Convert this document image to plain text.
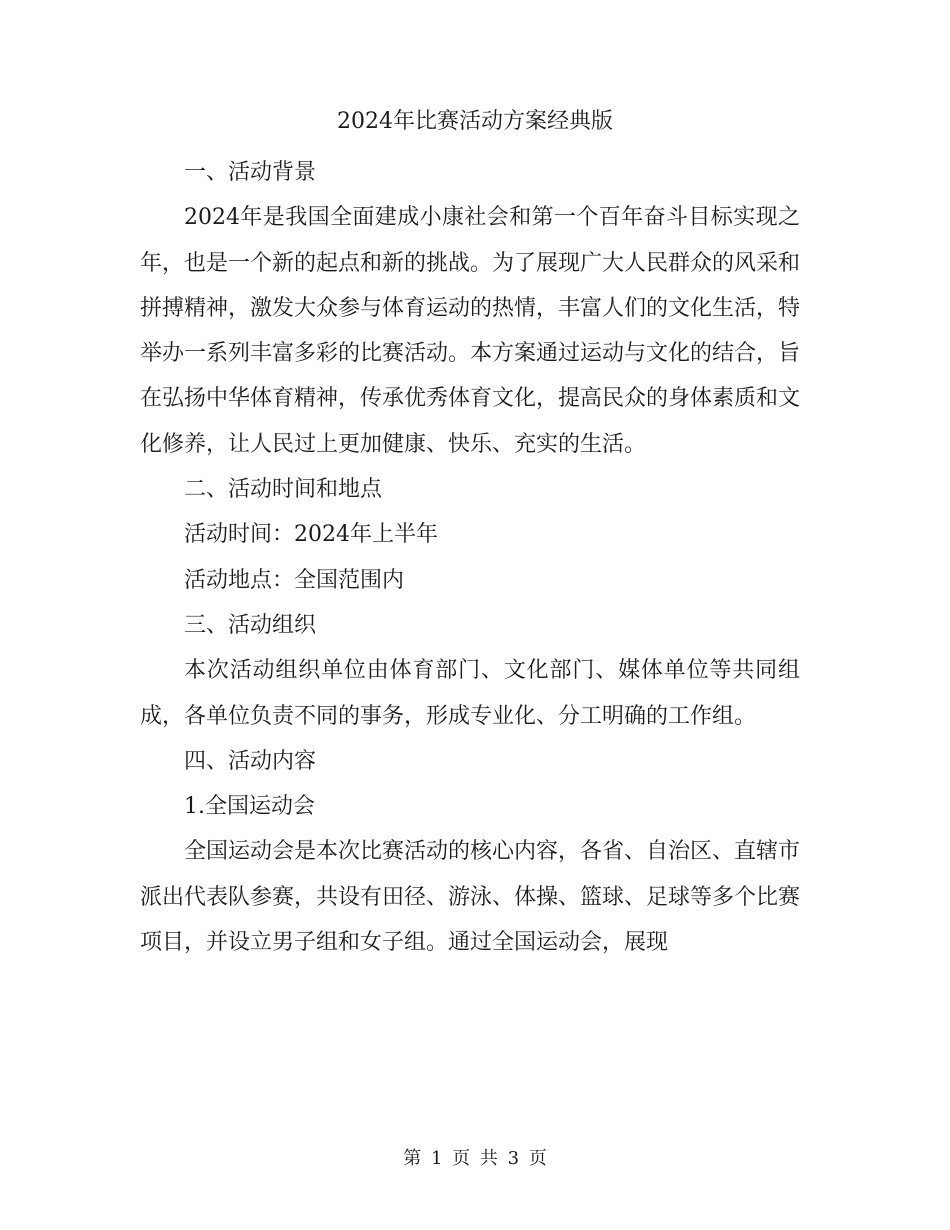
2024年比赛活动方案经典版

一、活动背景

2024年是我国全面建成小康社会和第一个百年奋斗目标实现之年，也是一个新的起点和新的挑战。为了展现广大人民群众的风采和拼搏精神，激发大众参与体育运动的热情，丰富人们的文化生活，特举办一系列丰富多彩的比赛活动。本方案通过运动与文化的结合，旨在弘扬中华体育精神，传承优秀体育文化，提高民众的身体素质和文化修养，让人民过上更加健康、快乐、充实的生活。

二、活动时间和地点

活动时间：2024年上半年

活动地点：全国范围内

三、活动组织

本次活动组织单位由体育部门、文化部门、媒体单位等共同组成，各单位负责不同的事务，形成专业化、分工明确的工作组。

四、活动内容

1.全国运动会

全国运动会是本次比赛活动的核心内容，各省、自治区、直辖市派出代表队参赛，共设有田径、游泳、体操、篮球、足球等多个比赛项目，并设立男子组和女子组。通过全国运动会，展现

第 1 页 共 3 页
